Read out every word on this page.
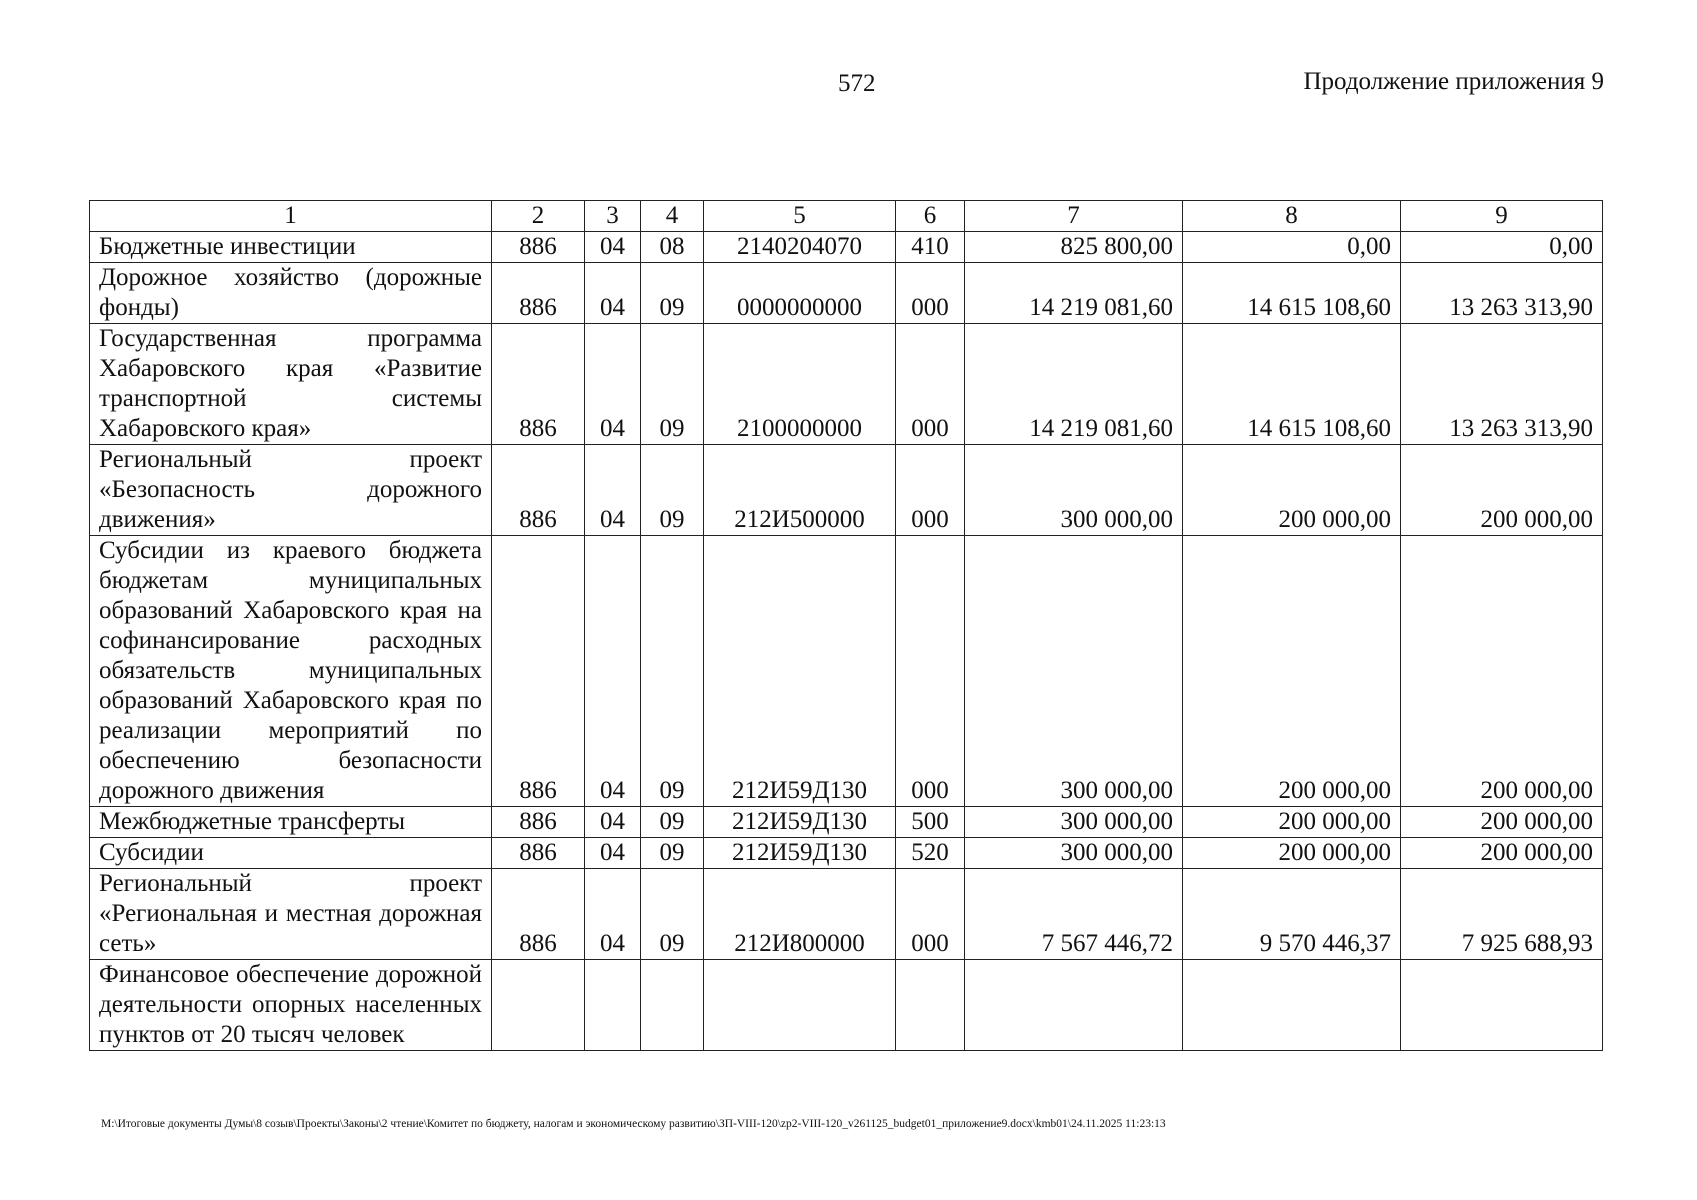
572	Продолжение приложения 9
1	2	3	4	5	6	7	8	9
Бюджетные инвестиции	886	04	08	2140204070	410	825 800,00	0,00	0,00
Дорожное хозяйство (дорожные фонды)	886	04	09	0000000000	000	14 219 081,60	14 615 108,60	13 263 313,90
Государственная программа Хабаровского края «Развитие транспортной системы Хабаровского края»	886	04	09	2100000000	000	14 219 081,60	14 615 108,60	13 263 313,90
Региональный проект «Безопасность дорожного движения»	886	04	09	212И500000	000	300 000,00	200 000,00	200 000,00
Субсидии из краевого бюджета бюджетам муниципальных образований Хабаровского края на софинансирование расходных обязательств муниципальных образований Хабаровского края по реализации мероприятий по обеспечению безопасности дорожного движения	886	04	09	212И59Д130	000	300 000,00	200 000,00	200 000,00
Межбюджетные трансферты	886	04	09	212И59Д130	500	300 000,00	200 000,00	200 000,00
Субсидии	886	04	09	212И59Д130	520	300 000,00	200 000,00	200 000,00
Региональный проект «Региональная и местная дорожная сеть»	886	04	09	212И800000	000	7 567 446,72	9 570 446,37	7 925 688,93
Финансовое обеспечение дорожной деятельности опорных населенных пунктов от 20 тысяч человек								
M:\Итоговые документы Думы\8 созыв\Проекты\Законы\2 чтение\Комитет по бюджету, налогам и экономическому развитию\ЗП-VIII-120\zp2-VIII-120_v261125_budget01_приложение9.docx\kmb01\24.11.2025 11:23:13
